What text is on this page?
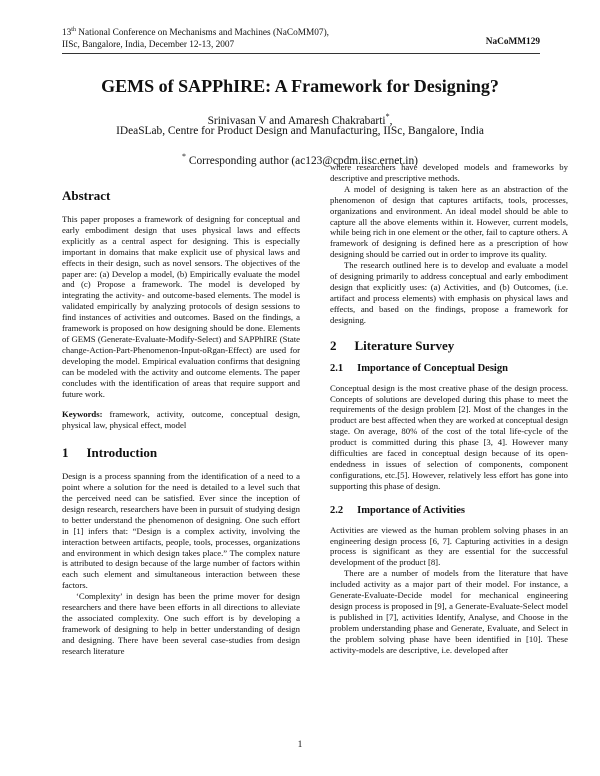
13th National Conference on Mechanisms and Machines (NaCoMM07),
IISc, Bangalore, India, December 12-13, 2007	NaCoMM129
GEMS of SAPPhIRE: A Framework for Designing?
Srinivasan V and Amaresh Chakrabarti*,
IDeaSLab, Centre for Product Design and Manufacturing, IISc, Bangalore, India
* Corresponding author (ac123@cpdm.iisc.ernet.in)
Abstract

This paper proposes a framework of designing for conceptual and early embodiment design that uses physical laws and effects explicitly as a central aspect for designing. This is especially important in domains that make explicit use of physical laws and effects in their design, such as novel sensors. The objectives of the paper are: (a) Develop a model, (b) Empirically evaluate the model and (c) Propose a framework. The model is developed by integrating the activity- and outcome-based elements. The model is validated empirically by analyzing protocols of design sessions to find instances of activities and outcomes. Based on the findings, a framework is proposed on how designing should be done. Elements of GEMS (Generate-Evaluate-Modify-Select) and SAPPhIRE (State change-Action-Part-Phenomenon-Input-oRgan-Effect) are used for developing the model. Empirical evaluation confirms that designing can be modeled with the activity and outcome elements. The paper concludes with the identification of areas that require support and future work.

Keywords: framework, activity, outcome, conceptual design, physical law, physical effect, model

1 Introduction

Design is a process spanning from the identification of a need to a point where a solution for the need is detailed to a level such that the perceived need can be satisfied. Ever since the inception of design research, researchers have been in pursuit of studying design to better understand the phenomenon of designing. One such effort in [1] infers that: “Design is a complex activity, involving the interaction between artifacts, people, tools, processes, organizations and environment in which design takes place.” The complex nature is attributed to design because of the large number of factors within each such element and simultaneous interaction between these factors.

‘Complexity’ in design has been the prime mover for design researchers and there have been efforts in all directions to alleviate the associated complexity. One such effort is by developing a framework of designing to help in better understanding of design and designing. There have been several case-studies from design research literature

where researchers have developed models and frameworks by descriptive and prescriptive methods.

A model of designing is taken here as an abstraction of the phenomenon of design that captures artifacts, tools, processes, organizations and environment. An ideal model should be able to capture all the above elements within it. However, current models, while being rich in one element or the other, fail to capture others. A framework of designing is defined here as a prescription of how designing should be carried out in order to improve its quality.

The research outlined here is to develop and evaluate a model of designing primarily to address conceptual and early embodiment design that explicitly uses: (a) Activities, and (b) Outcomes, (i.e. artifact and process elements) with emphasis on physical laws and effects, and based on the findings, propose a framework for designing.

2 Literature Survey
2.1 Importance of Conceptual Design

Conceptual design is the most creative phase of the design process. Concepts of solutions are developed during this phase to meet the requirements of the design problem [2]. Most of the changes in the product are best affected when they are worked at conceptual design stage. On average, 80% of the cost of the total life-cycle of the product is committed during this phase [3, 4]. However many difficulties are faced in conceptual design because of its open-endedness in issues of selection of components, component configurations, etc.[5]. However, relatively less effort has gone into supporting this phase of design.

2.2 Importance of Activities

Activities are viewed as the human problem solving phases in an engineering design process [6, 7]. Capturing activities in a design process is significant as they are essential for the successful development of the product [8].

There are a number of models from the literature that have included activity as a major part of their model. For instance, a Generate-Evaluate-Decide model for mechanical engineering design process is proposed in [9], a Generate-Evaluate-Select model is published in [7], activities Identify, Analyse, and Choose in the problem understanding phase and Generate, Evaluate, and Select in the problem solving phase have been identified in [10]. These activity-models are descriptive, i.e. developed after

1
